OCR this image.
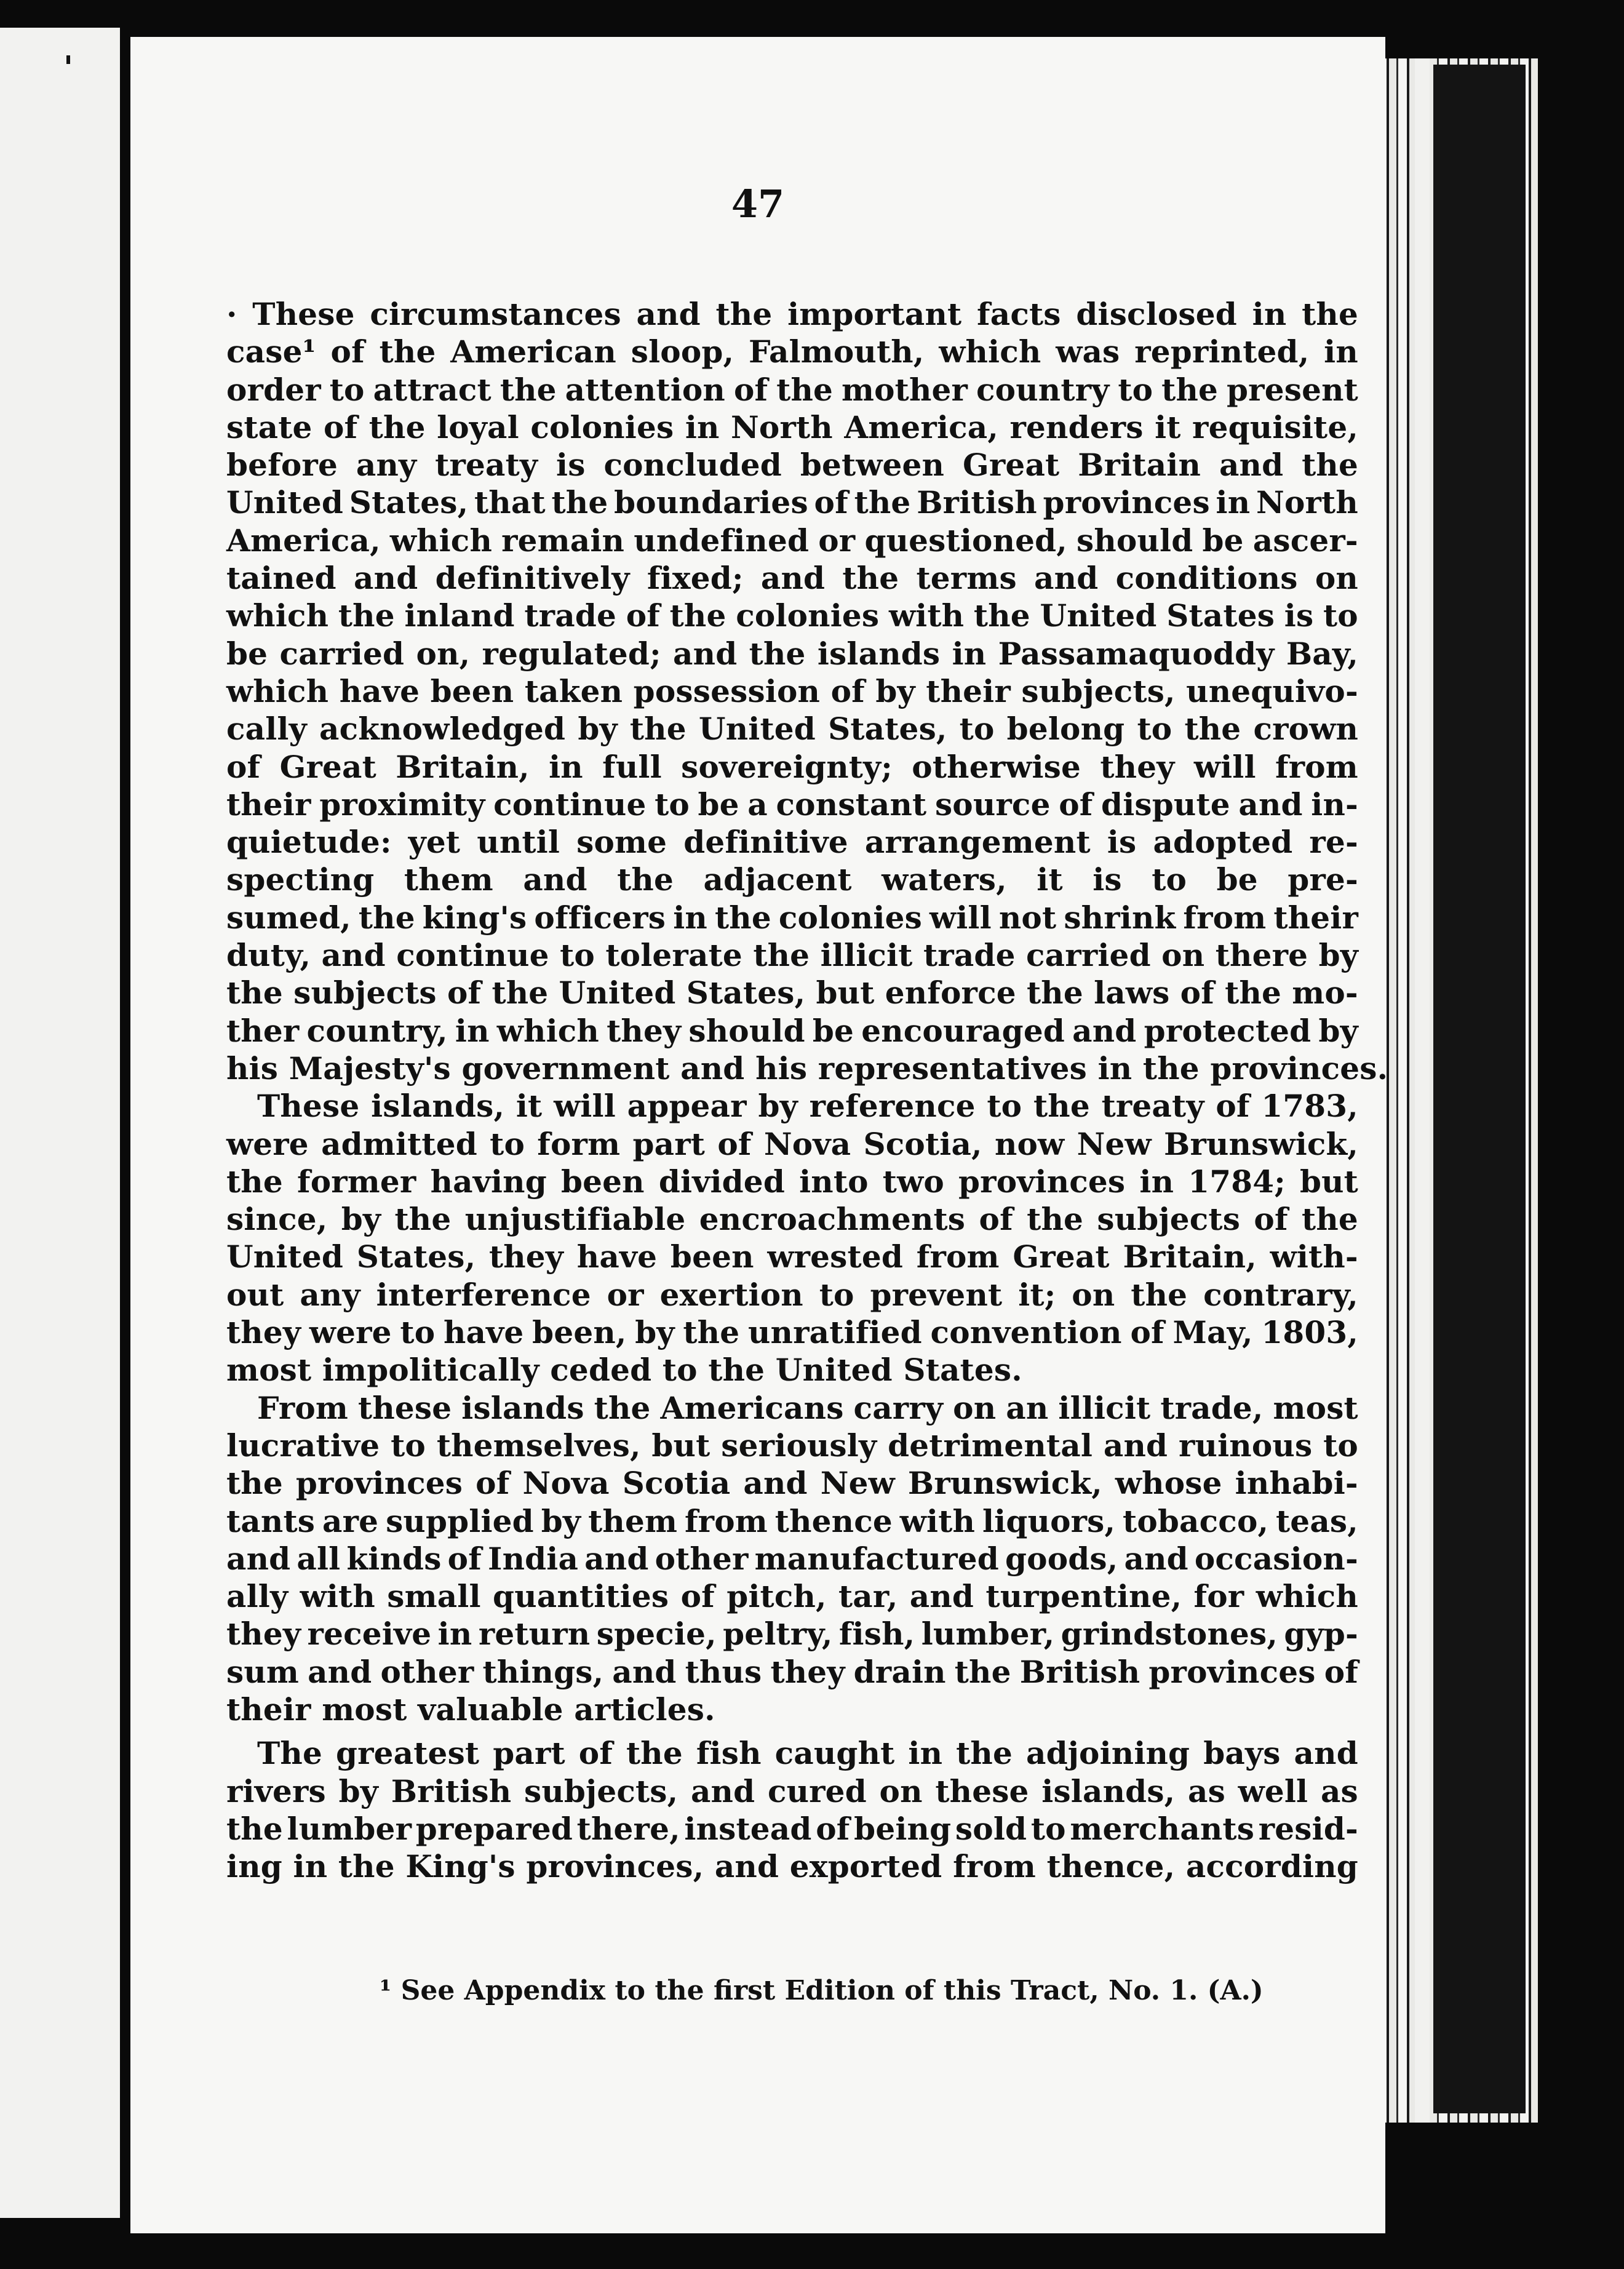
47
· These circumstances and the important facts disclosed in the
case¹ of the American sloop, Falmouth, which was reprinted, in
order to attract the attention of the mother country to the present
state of the loyal colonies in North America, renders it requisite,
before any treaty is concluded between Great Britain and the
United States, that the boundaries of the British provinces in North
America, which remain undefined or questioned, should be ascer-
tained and definitively fixed; and the terms and conditions on
which the inland trade of the colonies with the United States is to
be carried on, regulated; and the islands in Passamaquoddy Bay,
which have been taken possession of by their subjects, unequivo-
cally acknowledged by the United States, to belong to the crown
of Great Britain, in full sovereignty; otherwise they will from
their proximity continue to be a constant source of dispute and in-
quietude: yet until some definitive arrangement is adopted re-
specting them and the adjacent waters, it is to be pre-
sumed, the king's officers in the colonies will not shrink from their
duty, and continue to tolerate the illicit trade carried on there by
the subjects of the United States, but enforce the laws of the mo-
ther country, in which they should be encouraged and protected by
his Majesty's government and his representatives in the provinces.
These islands, it will appear by reference to the treaty of 1783,
were admitted to form part of Nova Scotia, now New Brunswick,
the former having been divided into two provinces in 1784; but
since, by the unjustifiable encroachments of the subjects of the
United States, they have been wrested from Great Britain, with-
out any interference or exertion to prevent it; on the contrary,
they were to have been, by the unratified convention of May, 1803,
most impolitically ceded to the United States.
From these islands the Americans carry on an illicit trade, most
lucrative to themselves, but seriously detrimental and ruinous to
the provinces of Nova Scotia and New Brunswick, whose inhabi-
tants are supplied by them from thence with liquors, tobacco, teas,
and all kinds of India and other manufactured goods, and occasion-
ally with small quantities of pitch, tar, and turpentine, for which
they receive in return specie, peltry, fish, lumber, grindstones, gyp-
sum and other things, and thus they drain the British provinces of
their most valuable articles.
The greatest part of the fish caught in the adjoining bays and
rivers by British subjects, and cured on these islands, as well as
the lumber prepared there, instead of being sold to merchants resid-
ing in the King's provinces, and exported from thence, according
¹ See Appendix to the first Edition of this Tract, No. 1. (A.)
